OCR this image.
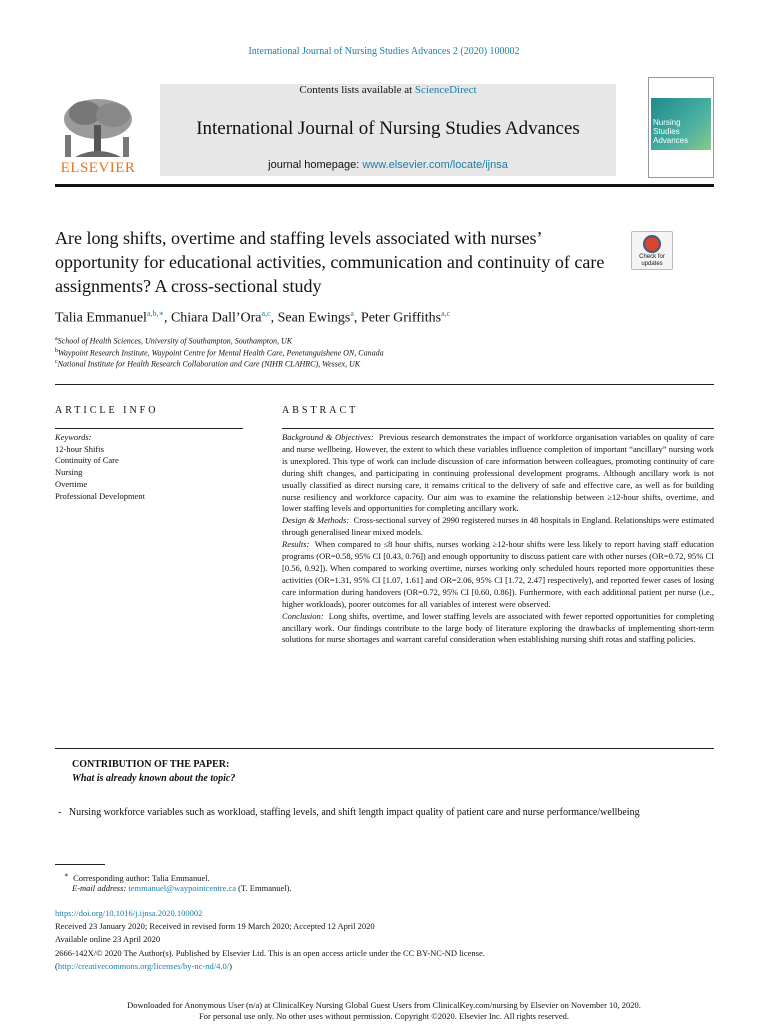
International Journal of Nursing Studies Advances 2 (2020) 100002
ELSEVIER
Contents lists available at ScienceDirect
International Journal of Nursing Studies Advances
journal homepage: www.elsevier.com/locate/ijnsa
Nursing
Studies
Advances
Are long shifts, overtime and staffing levels associated with nurses’ opportunity for educational activities, communication and continuity of care assignments? A cross-sectional study
Check for updates
Talia Emmanuel$^{a,b,∗}$, Chiara Dall’Ora$^{a,c}$, Sean Ewings$^a$, Peter Griffiths$^{a,c}$
$^a$School of Health Sciences, University of Southampton, Southampton, UK
$^b$Waypoint Research Institute, Waypoint Centre for Mental Health Care, Penetanguishene ON, Canada
$^c$National Institute for Health Research Collaboration and Care (NIHR CLAHRC), Wessex, UK
ARTICLE INFO
Keywords:
12-hour Shifts
Continuity of Care
Nursing
Overtime
Professional Development
ABSTRACT

Background & Objectives: Previous research demonstrates the impact of workforce organisation variables on quality of care and nurse wellbeing. However, the extent to which these variables influence completion of important “ancillary” nursing work is unexplored. This type of work can include discussion of care information between colleagues, promoting continuity of care during shift changes, and participating in continuing professional development programs. Although ancillary work is not usually classified as direct nursing care, it remains critical to the delivery of safe and effective care, as well as for building nurse resiliency and workforce capacity. Our aim was to examine the relationship between ≥12-hour shifts, overtime, and lower staffing levels and opportunities for completing ancillary work.

Design & Methods: Cross-sectional survey of 2990 registered nurses in 48 hospitals in England. Relationships were estimated through generalised linear mixed models.

Results: When compared to ≤8 hour shifts, nurses working ≥12-hour shifts were less likely to report having staff education programs (OR=0.58, 95% CI [0.43, 0.76]) and enough opportunity to discuss patient care with other nurses (OR=0.72, 95% CI [0.56, 0.92]). When compared to working overtime, nurses working only scheduled hours reported more opportunities these activities (OR=1.31, 95% CI [1.07, 1.61] and OR=2.06, 95% CI [1.72, 2.47] respectively), and reported fewer cases of losing care information during handovers (OR=0.72, 95% CI [0.60, 0.86]). Furthermore, with each additional patient per nurse (i.e., higher workloads), poorer outcomes for all variables of interest were observed.

Conclusion: Long shifts, overtime, and lower staffing levels are associated with fewer reported opportunities for completing ancillary work. Our findings contribute to the large body of literature exploring the drawbacks of implementing short-term solutions for nurse shortages and warrant careful consideration when establishing nursing shift rotas and staffing policies.

CONTRIBUTION OF THE PAPER:
What is already known about the topic?
- Nursing workforce variables such as workload, staffing levels, and shift length impact quality of patient care and nurse performance/wellbeing
∗ Corresponding author: Talia Emmanuel.
E-mail address: temmanuel@waypointcentre.ca (T. Emmanuel).
https://doi.org/10.1016/j.ijnsa.2020.100002
Received 23 January 2020; Received in revised form 19 March 2020; Accepted 12 April 2020
Available online 23 April 2020
2666-142X/© 2020 The Author(s). Published by Elsevier Ltd. This is an open access article under the CC BY-NC-ND license.
(http://creativecommons.org/licenses/by-nc-nd/4.0/)
Downloaded for Anonymous User (n/a) at ClinicalKey Nursing Global Guest Users from ClinicalKey.com/nursing by Elsevier on November 10, 2020.
For personal use only. No other uses without permission. Copyright ©2020. Elsevier Inc. All rights reserved.
